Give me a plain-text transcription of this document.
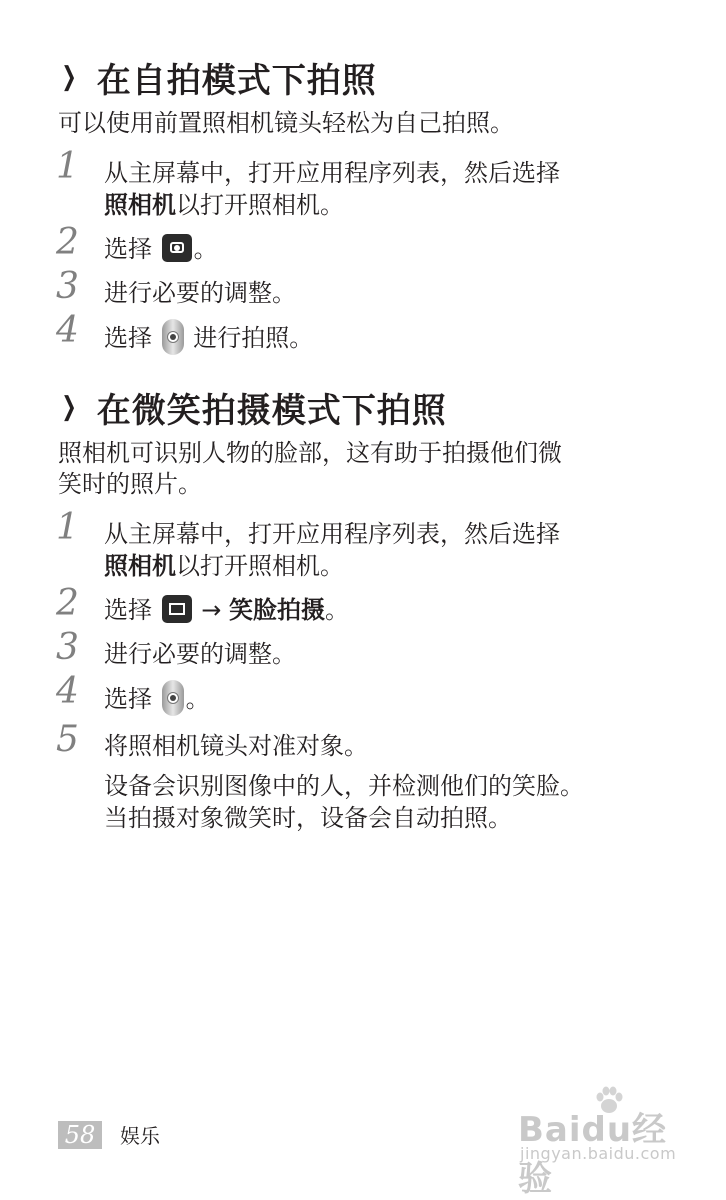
❯ 在自拍模式下拍照
可以使用前置照相机镜头轻松为自己拍照。
1 从主屏幕中，打开应用程序列表，然后选择
照相机以打开照相机。
2 选择 。
3 进行必要的调整。
4 选择 进行拍照。
❯ 在微笑拍摄模式下拍照
照相机可识别人物的脸部，这有助于拍摄他们微
笑时的照片。
1 从主屏幕中，打开应用程序列表，然后选择
照相机以打开照相机。
2 选择 → 笑脸拍摄。
3 进行必要的调整。
4 选择 。
5 将照相机镜头对准对象。
设备会识别图像中的人，并检测他们的笑脸。
当拍摄对象微笑时，设备会自动拍照。
58	娱乐	Baidu经验
jingyan.baidu.com
